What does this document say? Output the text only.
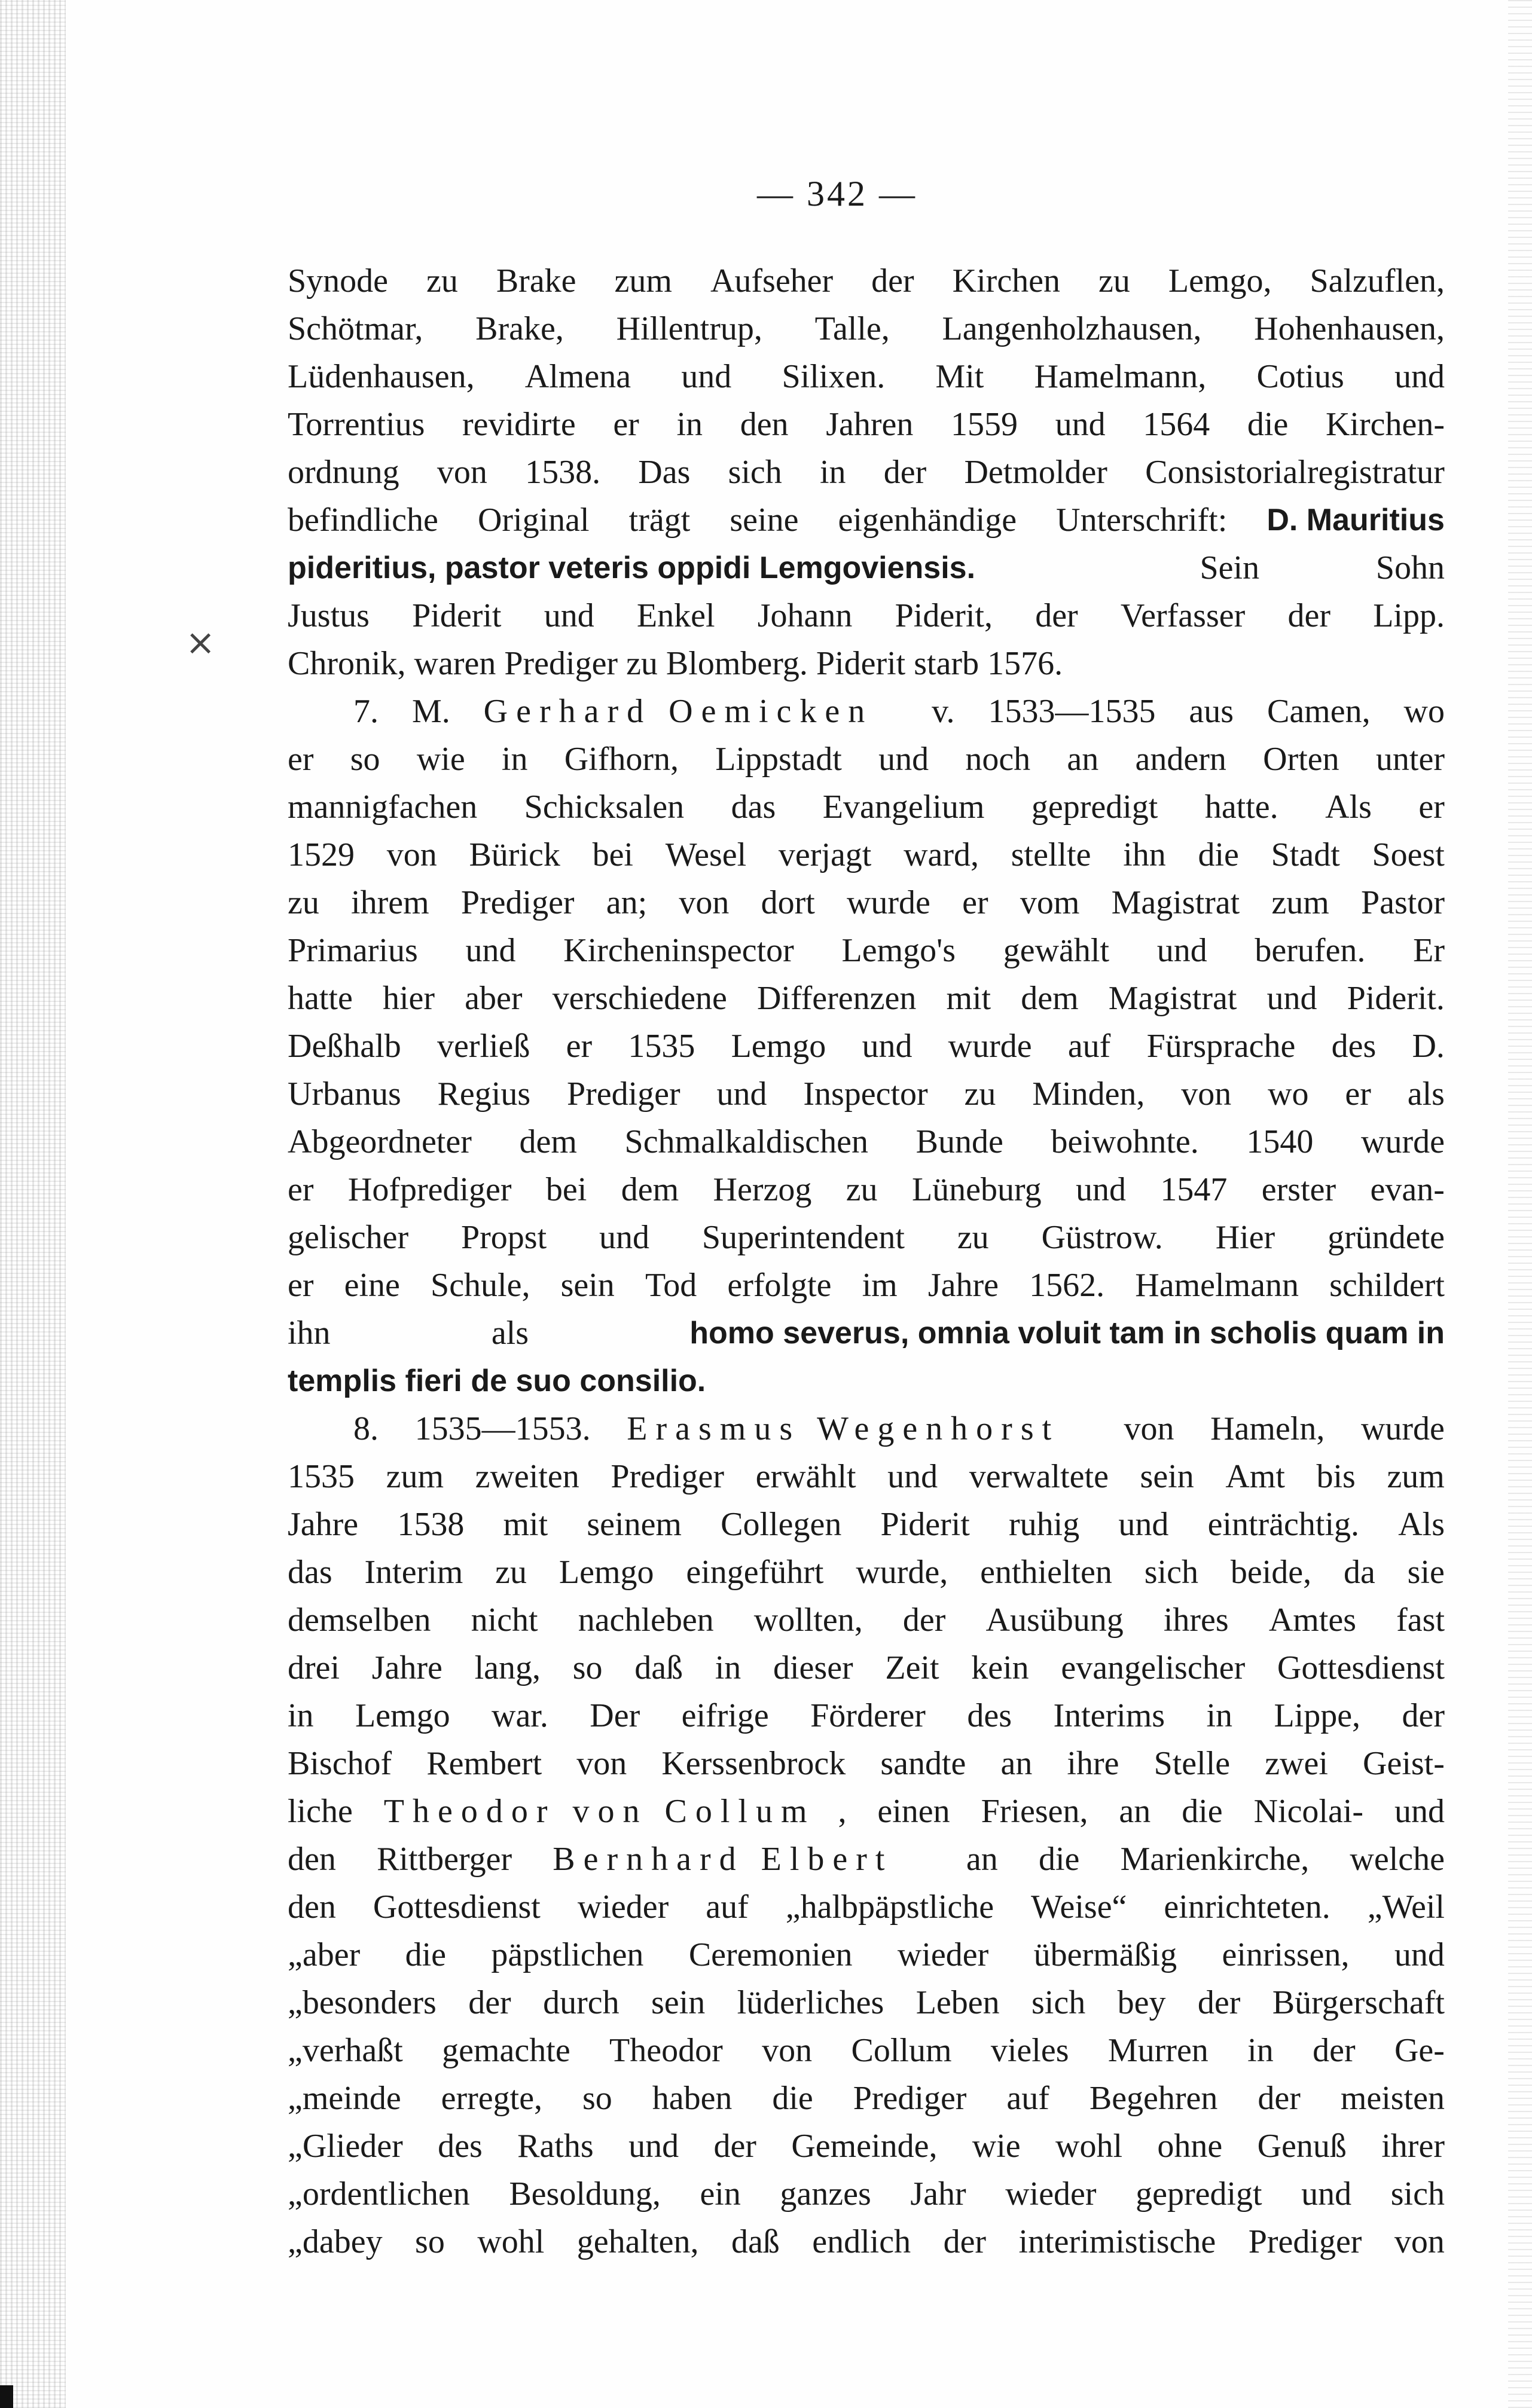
×
— 342 —
Synode zu Brake zum Aufseher der Kirchen zu Lemgo, Salzuflen,
Schötmar, Brake, Hillentrup, Talle, Langenholzhausen, Hohenhausen,
Lüdenhausen, Almena und Silixen. Mit Hamelmann, Cotius und
Torrentius revidirte er in den Jahren 1559 und 1564 die Kirchen-
ordnung von 1538. Das sich in der Detmolder Consistorialregistratur
befindliche Original trägt seine eigenhändige Unterschrift: D. Mauritius
pideritius, pastor veteris oppidi Lemgoviensis.
	Sein	Sohn
Justus Piderit und Enkel Johann Piderit, der Verfasser der Lipp.
Chronik, waren Prediger zu Blomberg. Piderit starb 1576.
7. M. Gerhard Oemicken
v. 1533—1535 aus Camen, wo
er so wie in Gifhorn, Lippstadt und noch an andern Orten unter
mannigfachen Schicksalen das Evangelium gepredigt hatte. Als er
1529 von Bürick bei Wesel verjagt ward, stellte ihn die Stadt Soest
zu ihrem Prediger an; von dort wurde er vom Magistrat zum Pastor
Primarius und Kircheninspector Lemgo's gewählt und berufen. Er
hatte hier aber verschiedene Differenzen mit dem Magistrat und Piderit.
Deßhalb verließ er 1535 Lemgo und wurde auf Fürsprache des D.
Urbanus Regius Prediger und Inspector zu Minden, von wo er als
Abgeordneter dem Schmalkaldischen Bunde beiwohnte. 1540 wurde
er Hofprediger bei dem Herzog zu Lüneburg und 1547 erster evan-
gelischer Propst und Superintendent zu Güstrow. Hier gründete
er eine Schule, sein Tod erfolgte im Jahre 1562. Hamelmann schildert
ihn	als	homo severus, omnia voluit tam in scholis quam in
templis fieri de suo consilio.
8. 1535—1553. Erasmus Wegenhorst
von Hameln, wurde
1535 zum zweiten Prediger erwählt und verwaltete sein Amt bis zum
Jahre 1538 mit seinem Collegen Piderit ruhig und einträchtig. Als
das Interim zu Lemgo eingeführt wurde, enthielten sich beide, da sie
demselben nicht nachleben wollten, der Ausübung ihres Amtes fast
drei Jahre lang, so daß in dieser Zeit kein evangelischer Gottesdienst
in Lemgo war. Der eifrige Förderer des Interims in Lippe, der
Bischof Rembert von Kerssenbrock sandte an ihre Stelle zwei Geist-
liche Theodor von Collum , einen Friesen, an die Nicolai- und
den Rittberger Bernhard Elbert
an die Marienkirche, welche
den Gottesdienst wieder auf „halbpäpstliche Weise“ einrichteten. „Weil
„aber die päpstlichen Ceremonien wieder übermäßig einrissen, und
„besonders der durch sein lüderliches Leben sich bey der Bürgerschaft
„verhaßt gemachte Theodor von Collum vieles Murren in der Ge-
„meinde erregte, so haben die Prediger auf Begehren der meisten
„Glieder des Raths und der Gemeinde, wie wohl ohne Genuß ihrer
„ordentlichen Besoldung, ein ganzes Jahr wieder gepredigt und sich
„dabey so wohl gehalten, daß endlich der interimistische Prediger von
